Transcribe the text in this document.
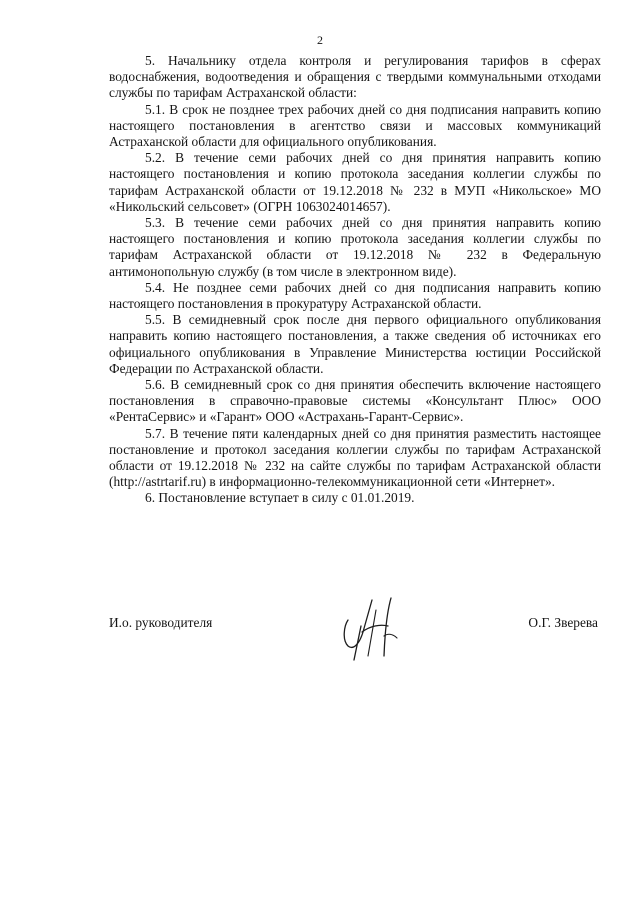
2

5. Начальнику отдела контроля и регулирования тарифов в сферах водоснабжения, водоотведения и обращения с твердыми коммунальными отходами службы по тарифам Астраханской области:

5.1. В срок не позднее трех рабочих дней со дня подписания направить копию настоящего постановления в агентство связи и массовых коммуникаций Астраханской области для официального опубликования.

5.2. В течение семи рабочих дней со дня принятия направить копию настоящего постановления и копию протокола заседания коллегии службы по тарифам Астраханской области от 19.12.2018 № 232 в МУП «Никольское» МО «Никольский сельсовет» (ОГРН 1063024014657).

5.3. В течение семи рабочих дней со дня принятия направить копию настоящего постановления и копию протокола заседания коллегии службы по тарифам Астраханской области от 19.12.2018 № 232 в Федеральную антимонопольную службу (в том числе в электронном виде).

5.4. Не позднее семи рабочих дней со дня подписания направить копию настоящего постановления в прокуратуру Астраханской области.

5.5. В семидневный срок после дня первого официального опубликования направить копию настоящего постановления, а также сведения об источниках его официального опубликования в Управление Министерства юстиции Российской Федерации по Астраханской области.

5.6. В семидневный срок со дня принятия обеспечить включение настоящего постановления в справочно-правовые системы «Консультант Плюс» ООО «РентаСервис» и «Гарант» ООО «Астрахань-Гарант-Сервис».

5.7. В течение пяти календарных дней со дня принятия разместить настоящее постановление и протокол заседания коллегии службы по тарифам Астраханской области от 19.12.2018 № 232 на сайте службы по тарифам Астраханской области (http://astrtarif.ru) в информационно-телекоммуникационной сети «Интернет».

6. Постановление вступает в силу с 01.01.2019.

И.о. руководителя	О.Г. Зверева
